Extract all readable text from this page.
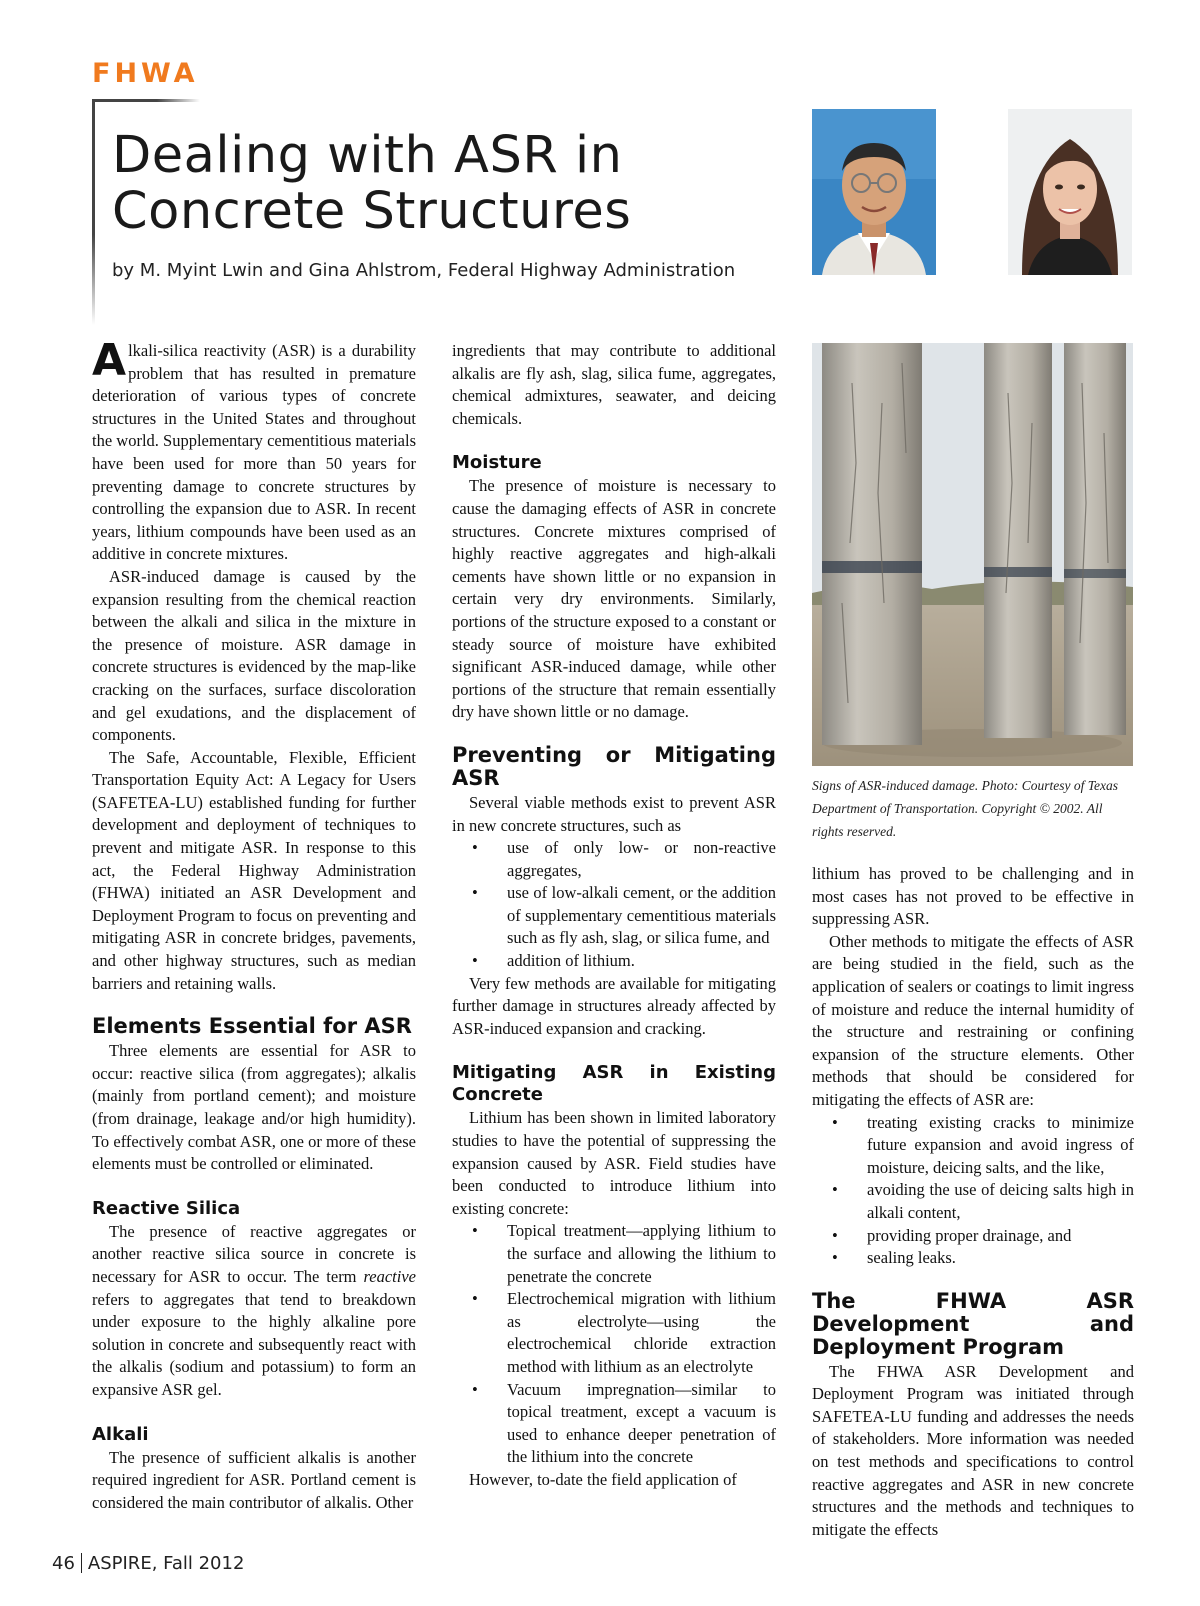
FHWA
Dealing with ASR in Concrete Structures
by M. Myint Lwin and Gina Ahlstrom, Federal Highway Administration

Signs of ASR-induced damage. Photo: Courtesy of Texas Department of Transportation. Copyright © 2002. All rights reserved.

Alkali-silica reactivity (ASR) is a durability problem that has resulted in premature deterioration of various types of concrete structures in the United States and throughout the world. Supplementary cementitious materials have been used for more than 50 years for preventing damage to concrete structures by controlling the expansion due to ASR. In recent years, lithium compounds have been used as an additive in concrete mixtures.

ASR-induced damage is caused by the expansion resulting from the chemical reaction between the alkali and silica in the mixture in the presence of moisture. ASR damage in concrete structures is evidenced by the map-like cracking on the surfaces, surface discoloration and gel exudations, and the displacement of components.

The Safe, Accountable, Flexible, Efficient Transportation Equity Act: A Legacy for Users (SAFETEA-LU) established funding for further development and deployment of techniques to prevent and mitigate ASR. In response to this act, the Federal Highway Administration (FHWA) initiated an ASR Development and Deployment Program to focus on preventing and mitigating ASR in concrete bridges, pavements, and other highway structures, such as median barriers and retaining walls.

Elements Essential for ASR

Three elements are essential for ASR to occur: reactive silica (from aggregates); alkalis (mainly from portland cement); and moisture (from drainage, leakage and/or high humidity). To effectively combat ASR, one or more of these elements must be controlled or eliminated.

Reactive Silica

The presence of reactive aggregates or another reactive silica source in concrete is necessary for ASR to occur. The term reactive refers to aggregates that tend to breakdown under exposure to the highly alkaline pore solution in concrete and subsequently react with the alkalis (sodium and potassium) to form an expansive ASR gel.

Alkali

The presence of sufficient alkalis is another required ingredient for ASR. Portland cement is considered the main contributor of alkalis. Other

ingredients that may contribute to additional alkalis are fly ash, slag, silica fume, aggregates, chemical admixtures, seawater, and deicing chemicals.

Moisture

The presence of moisture is necessary to cause the damaging effects of ASR in concrete structures. Concrete mixtures comprised of highly reactive aggregates and high-alkali cements have shown little or no expansion in certain very dry environments. Similarly, portions of the structure exposed to a constant or steady source of moisture have exhibited significant ASR-induced damage, while other portions of the structure that remain essentially dry have shown little or no damage.

Preventing or Mitigating ASR

Several viable methods exist to prevent ASR in new concrete structures, such as

• use of only low- or non-reactive aggregates,
• use of low-alkali cement, or the addition of supplementary cementitious materials such as fly ash, slag, or silica fume, and
• addition of lithium.

Very few methods are available for mitigating further damage in structures already affected by ASR-induced expansion and cracking.

Mitigating ASR in Existing Concrete

Lithium has been shown in limited laboratory studies to have the potential of suppressing the expansion caused by ASR. Field studies have been conducted to introduce lithium into existing concrete:

• Topical treatment—applying lithium to the surface and allowing the lithium to penetrate the concrete
• Electrochemical migration with lithium as electrolyte—using the electrochemical chloride extraction method with lithium as an electrolyte
• Vacuum impregnation—similar to topical treatment, except a vacuum is used to enhance deeper penetration of the lithium into the concrete

However, to-date the field application of

lithium has proved to be challenging and in most cases has not proved to be effective in suppressing ASR.

Other methods to mitigate the effects of ASR are being studied in the field, such as the application of sealers or coatings to limit ingress of moisture and reduce the internal humidity of the structure and restraining or confining expansion of the structure elements. Other methods that should be considered for mitigating the effects of ASR are:

• treating existing cracks to minimize future expansion and avoid ingress of moisture, deicing salts, and the like,
• avoiding the use of deicing salts high in alkali content,
• providing proper drainage, and
• sealing leaks.
The FHWA ASR Development and Deployment Program

The FHWA ASR Development and Deployment Program was initiated through SAFETEA-LU funding and addresses the needs of stakeholders. More information was needed on test methods and specifications to control reactive aggregates and ASR in new concrete structures and the methods and techniques to mitigate the effects

46 ASPIRE, Fall 2012
